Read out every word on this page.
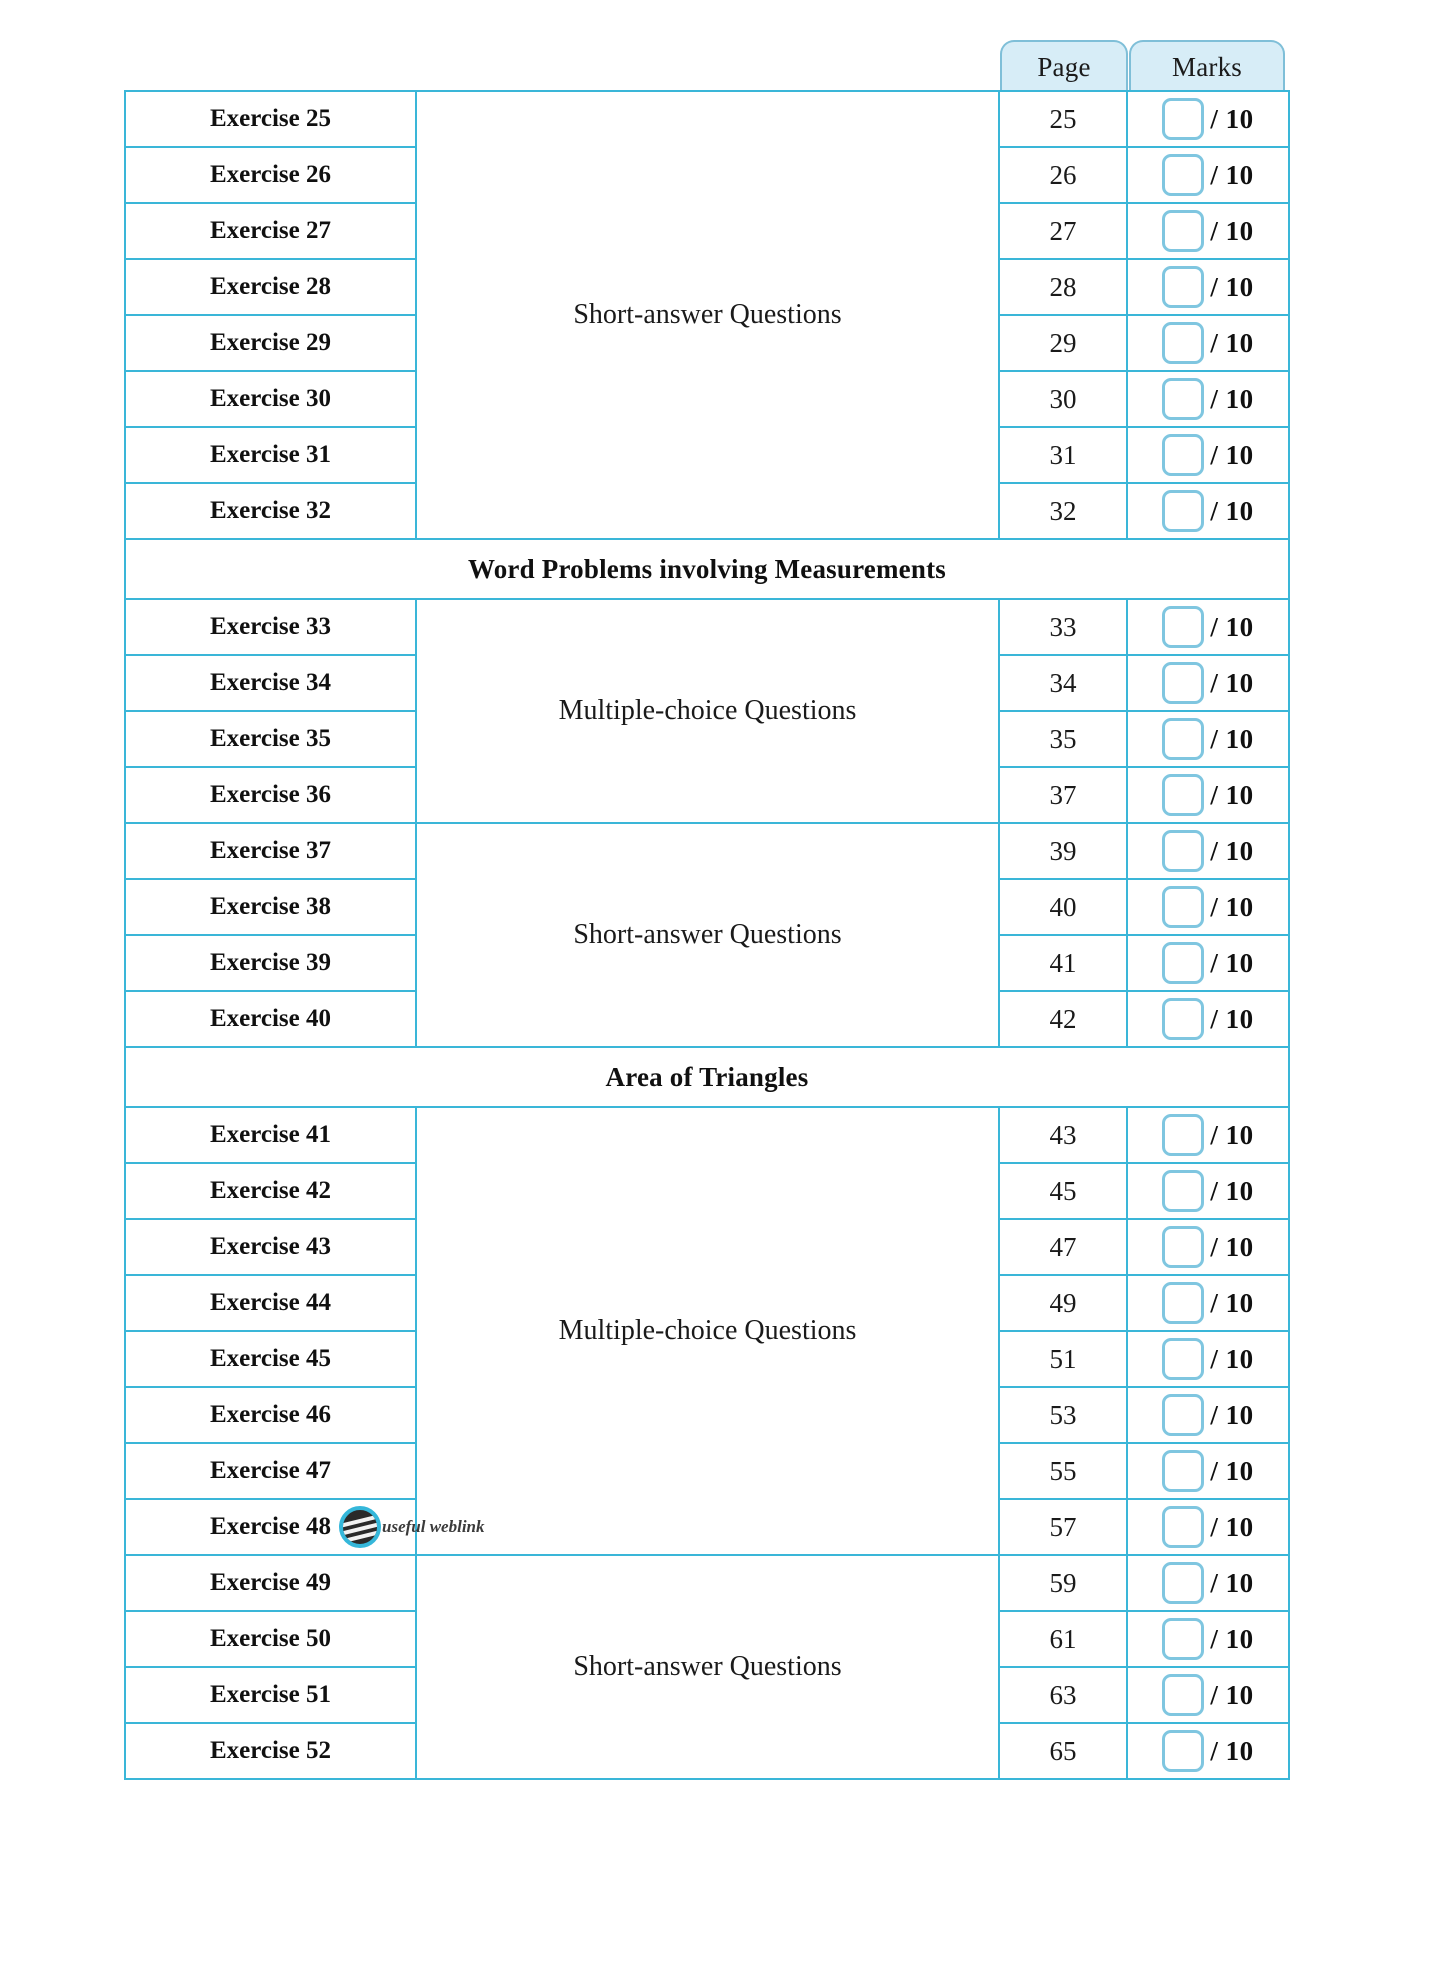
Page	Marks
Exercise 25	Short-answer Questions	25	/ 10
Exercise 26		26	/ 10
Exercise 27		27	/ 10
Exercise 28		28	/ 10
Exercise 29		29	/ 10
Exercise 30		30	/ 10
Exercise 31		31	/ 10
Exercise 32		32	/ 10
Word Problems involving Measurements			
Exercise 33	Multiple-choice Questions	33	/ 10
Exercise 34		34	/ 10
Exercise 35		35	/ 10
Exercise 36		37	/ 10
Exercise 37	Short-answer Questions	39	/ 10
Exercise 38		40	/ 10
Exercise 39		41	/ 10
Exercise 40		42	/ 10
Area of Triangles			
Exercise 41	Multiple-choice Questions	43	/ 10
Exercise 42		45	/ 10
Exercise 43		47	/ 10
Exercise 44		49	/ 10
Exercise 45		51	/ 10
Exercise 46		53	/ 10
Exercise 47		55	/ 10
Exercise 48 useful weblink		57	/ 10
Exercise 49	Short-answer Questions	59	/ 10
Exercise 50		61	/ 10
Exercise 51		63	/ 10
Exercise 52		65	/ 10
